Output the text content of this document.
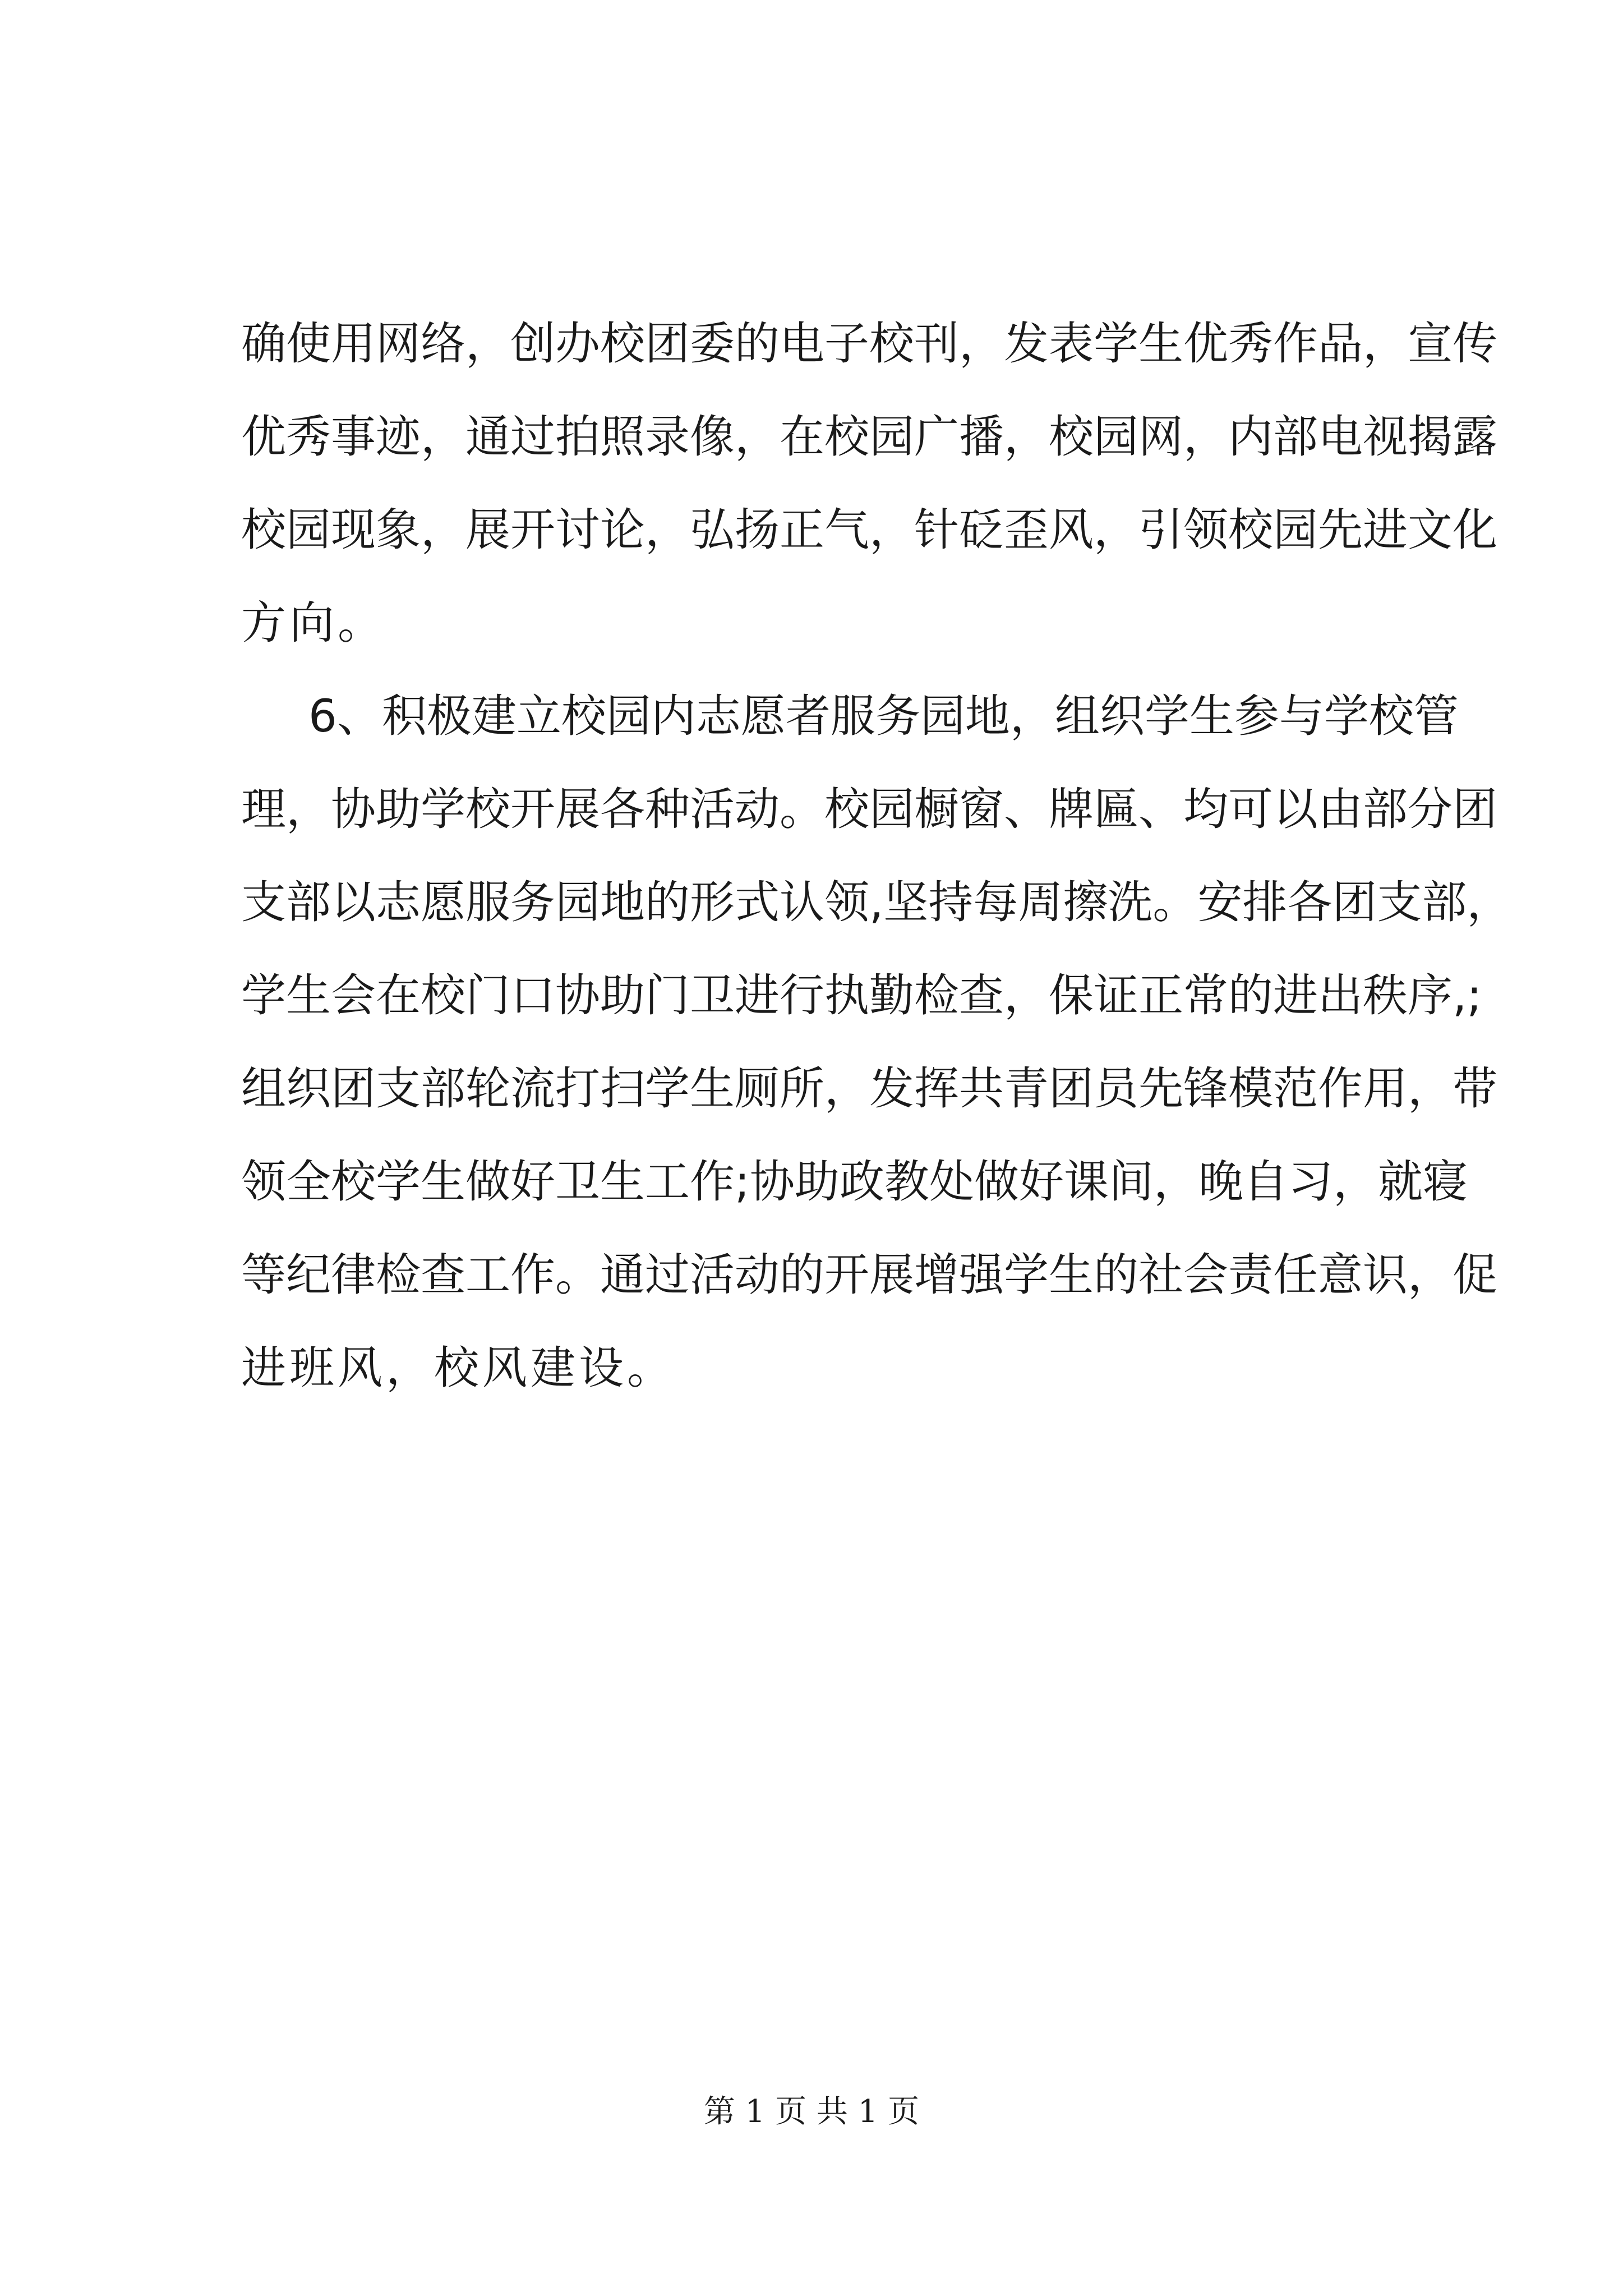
确使用网络，创办校团委的电子校刊，发表学生优秀作品，宣传
优秀事迹，通过拍照录像，在校园广播，校园网，内部电视揭露
校园现象，展开讨论，弘扬正气，针砭歪风，引领校园先进文化
方向。
6、积极建立校园内志愿者服务园地，组织学生参与学校管
理，协助学校开展各种活动。校园橱窗、牌匾、均可以由部分团
支部以志愿服务园地的形式认领,坚持每周擦洗。安排各团支部，
学生会在校门口协助门卫进行执勤检查，保证正常的进出秩序,;
组织团支部轮流打扫学生厕所，发挥共青团员先锋模范作用，带
领全校学生做好卫生工作;协助政教处做好课间，晚自习，就寝
等纪律检查工作。通过活动的开展增强学生的社会责任意识，促
进班风，校风建设。
第 1 页 共 1 页
